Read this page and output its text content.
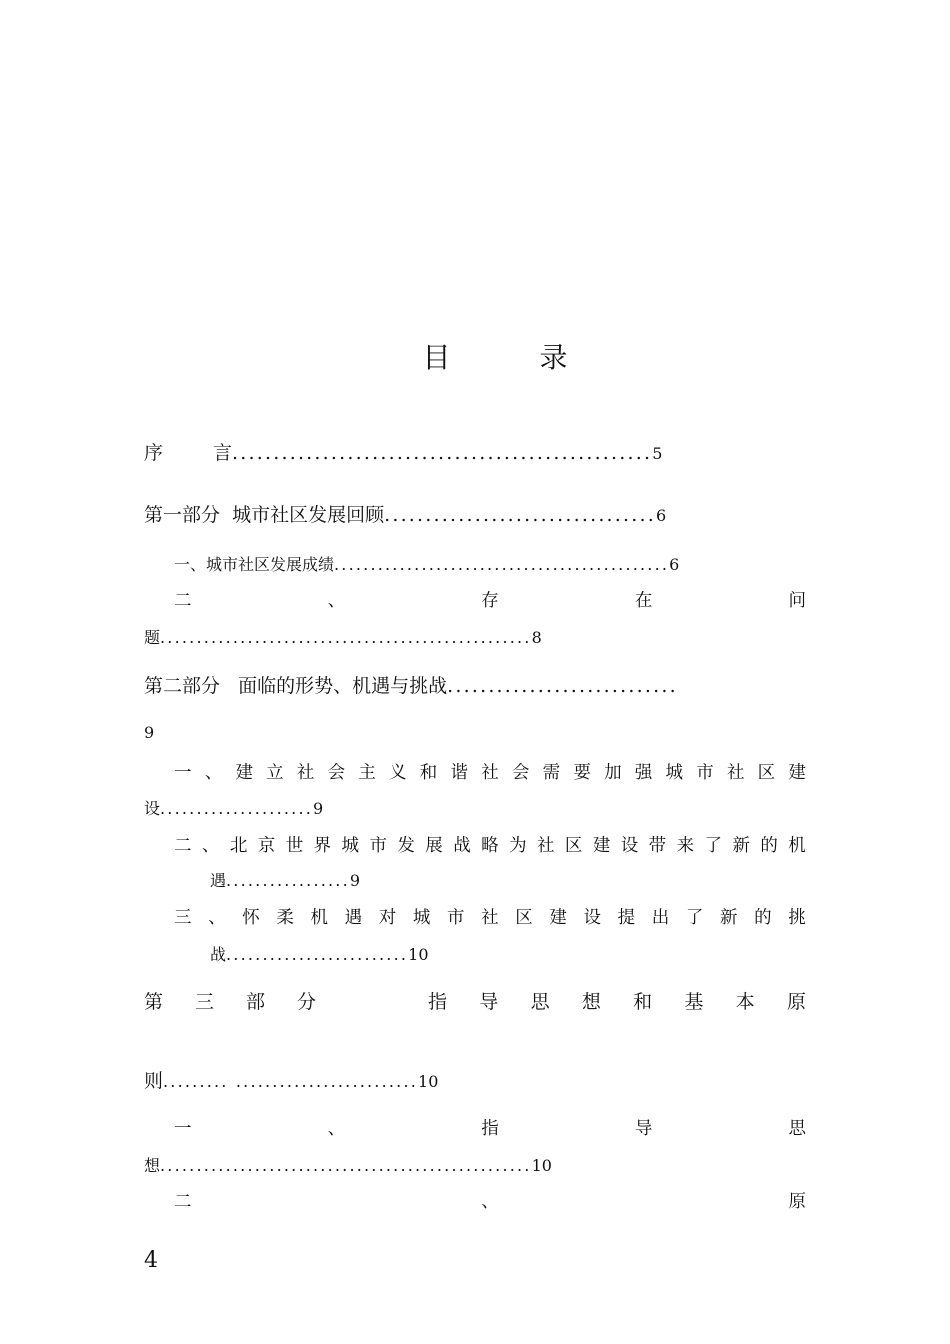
目 录
序	言...................................................5
第一部分  城市社区发展回顾.................................6
一、城市社区发展成绩..............................................6
二	、	存	在	问
题...................................................8
第二部分   面临的形势、机遇与挑战............................
9
一 、 建 立 社 会 主 义 和 谐 社 会 需 要 加 强 城 市 社 区 建
设.....................9
二 、 北 京 世 界 城 市 发 展 战 略 为 社 区 建 设 带 来 了 新 的 机
遇.................9
三 、 怀 柔 机 遇 对 城 市 社 区 建 设 提 出 了 新 的 挑
战.........................10
第 三 部 分	指 导 思 想 和 基 本 原
则......... .........................10
一	、	指	导	思
想...................................................10
二	、	原
4
